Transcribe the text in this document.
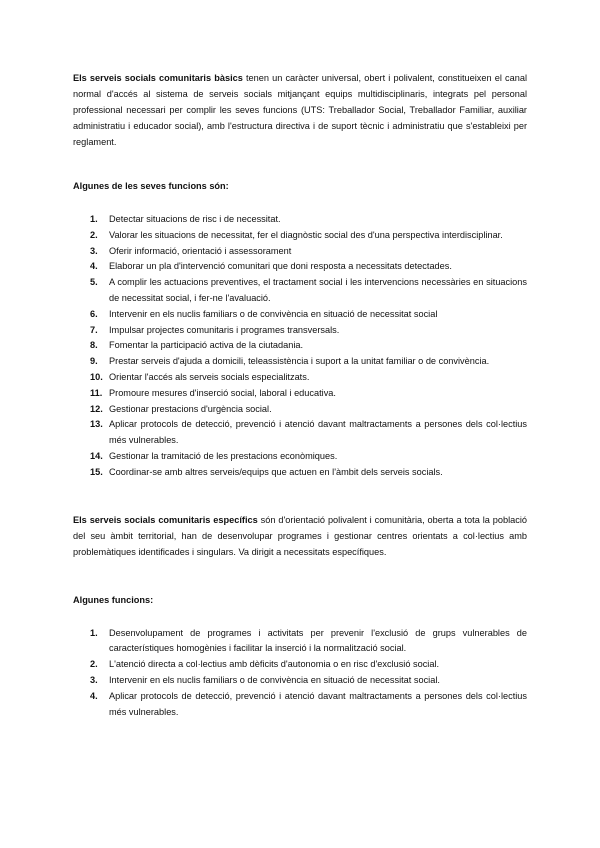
Els serveis socials comunitaris bàsics tenen un caràcter universal, obert i polivalent, constitueixen el canal normal d'accés al sistema de serveis socials mitjançant equips multidisciplinaris, integrats pel personal professional necessari per complir les seves funcions (UTS: Treballador Social, Treballador Familiar, auxiliar administratiu i educador social), amb l'estructura directiva i de suport tècnic i administratiu que s'estableixi per reglament.

Algunes de les seves funcions són:
1.	Detectar situacions de risc i de necessitat.
2.	Valorar les situacions de necessitat, fer el diagnòstic social des d'una perspectiva interdisciplinar.
3.	Oferir informació, orientació i assessorament
4.	Elaborar un pla d'intervenció comunitari que doni resposta a necessitats detectades.
5.	A complir les actuacions preventives, el tractament social i les intervencions necessàries en situacions de necessitat social, i fer-ne l'avaluació.
6.	Intervenir en els nuclis familiars o de convivència en situació de necessitat social
7.	Impulsar projectes comunitaris i programes transversals.
8.	Fomentar la participació activa de la ciutadania.
9.	Prestar serveis d'ajuda a domicili, teleassistència i suport a la unitat familiar o de convivència.
10. Orientar l'accés als serveis socials especialitzats.
11. Promoure mesures d'inserció social, laboral i educativa.
12. Gestionar prestacions d'urgència social.
13. Aplicar protocols de detecció, prevenció i atenció davant maltractaments a persones dels col·lectius més vulnerables.
14. Gestionar la tramitació de les prestacions econòmiques.
15. Coordinar-se amb altres serveis/equips que actuen en l'àmbit dels serveis socials.

Els serveis socials comunitaris específics són d'orientació polivalent i comunitària, oberta a tota la població del seu àmbit territorial, han de desenvolupar programes i gestionar centres orientats a col·lectius amb problemàtiques identificades i singulars. Va dirigit a necessitats específiques.

Algunes funcions:
1.	Desenvolupament de programes i activitats per prevenir l'exclusió de grups vulnerables de característiques homogènies i facilitar la inserció i la normalització social.
2.	L'atenció directa a col·lectius amb dèficits d'autonomia o en risc d'exclusió social.
3.	Intervenir en els nuclis familiars o de convivència en situació de necessitat social.
4.	Aplicar protocols de detecció, prevenció i atenció davant maltractaments a persones dels col·lectius més vulnerables.
